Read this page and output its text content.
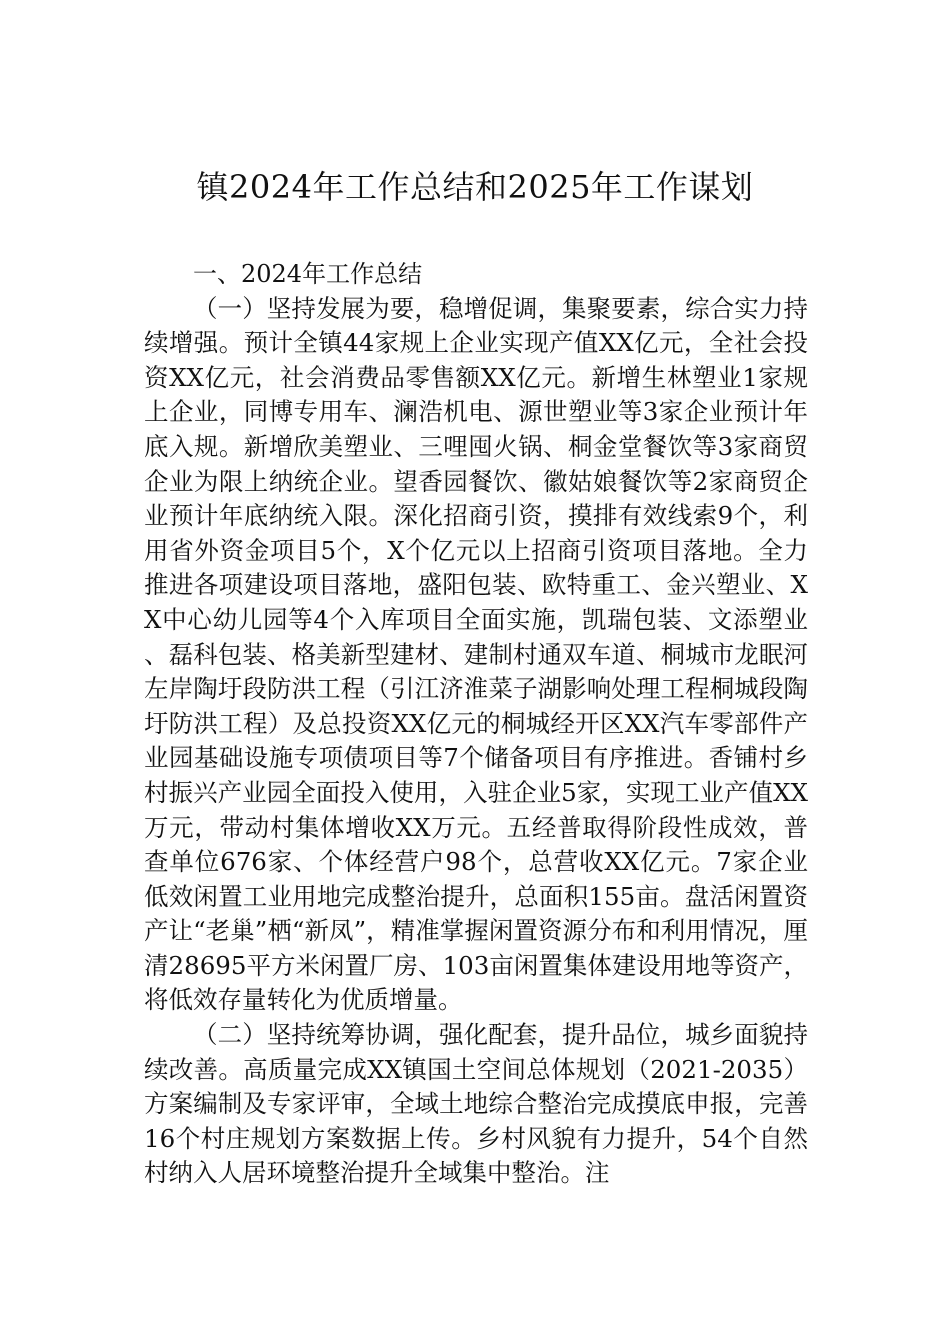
镇2024年工作总结和2025年工作谋划
一、2024年工作总结

（一）坚持发展为要，稳增促调，集聚要素，综合实力持续增强。预计全镇44家规上企业实现产值XX亿元，全社会投资XX亿元，社会消费品零售额XX亿元。新增生林塑业1家规上企业，同博专用车、澜浩机电、源世塑业等3家企业预计年底入规。新增欣美塑业、三哩囤火锅、桐金堂餐饮等3家商贸企业为限上纳统企业。望香园餐饮、徽姑娘餐饮等2家商贸企业预计年底纳统入限。深化招商引资，摸排有效线索9个，利用省外资金项目5个，X个亿元以上招商引资项目落地。全力推进各项建设项目落地，盛阳包装、欧特重工、金兴塑业、XX中心幼儿园等4个入库项目全面实施，凯瑞包装、文添塑业、磊科包装、格美新型建材、建制村通双车道、桐城市龙眠河左岸陶圩段防洪工程（引江济淮菜子湖影响处理工程桐城段陶圩防洪工程）及总投资XX亿元的桐城经开区XX汽车零部件产业园基础设施专项债项目等7个储备项目有序推进。香铺村乡村振兴产业园全面投入使用，入驻企业5家，实现工业产值XX万元，带动村集体增收XX万元。五经普取得阶段性成效，普查单位676家、个体经营户98个，总营收XX亿元。7家企业低效闲置工业用地完成整治提升，总面积155亩。盘活闲置资产让“老巢”栖“新凤”，精准掌握闲置资源分布和利用情况，厘清28695平方米闲置厂房、103亩闲置集体建设用地等资产，将低效存量转化为优质增量。

（二）坚持统筹协调，强化配套，提升品位，城乡面貌持续改善。高质量完成XX镇国土空间总体规划（2021-2035）方案编制及专家评审，全域土地综合整治完成摸底申报，完善16个村庄规划方案数据上传。乡村风貌有力提升，54个自然村纳入人居环境整治提升全域集中整治。注
